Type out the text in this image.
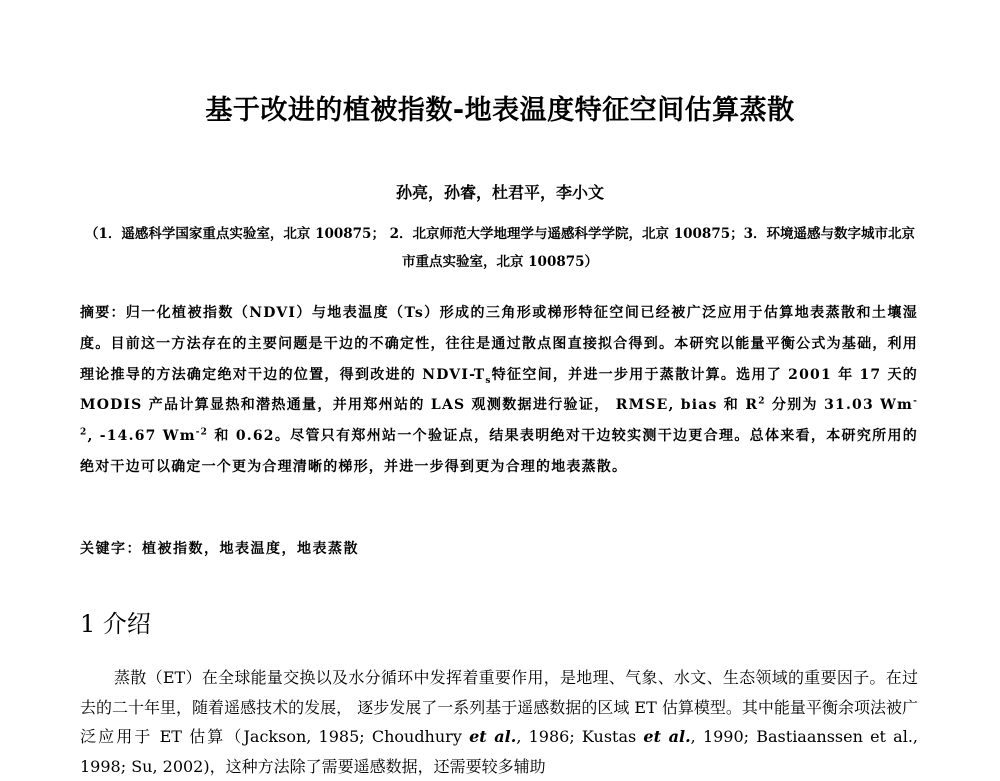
基于改进的植被指数-地表温度特征空间估算蒸散
孙亮，孙睿，杜君平，李小文
（1．遥感科学国家重点实验室，北京 100875； 2．北京师范大学地理学与遥感科学学院，北京 100875；3．环境遥感与数字城市北京市重点实验室，北京 100875）
摘要：归一化植被指数（NDVI）与地表温度（Ts）形成的三角形或梯形特征空间已经被广泛应用于估算地表蒸散和土壤湿度。目前这一方法存在的主要问题是干边的不确定性，往往是通过散点图直接拟合得到。本研究以能量平衡公式为基础，利用理论推导的方法确定绝对干边的位置，得到改进的 NDVI-$T_s$特征空间，并进一步用于蒸散计算。选用了 2001 年 17 天的 MODIS 产品计算显热和潜热通量，并用郑州站的 LAS 观测数据进行验证， RMSE, bias 和 $R^2$ 分别为 31.03 $Wm^{-2}$, -14.67 $Wm^{-2}$ 和 0.62。尽管只有郑州站一个验证点，结果表明绝对干边较实测干边更合理。总体来看，本研究所用的绝对干边可以确定一个更为合理清晰的梯形，并进一步得到更为合理的地表蒸散。
关键字：植被指数，地表温度，地表蒸散
1 介绍
蒸散（ET）在全球能量交换以及水分循环中发挥着重要作用，是地理、气象、水文、生态领域的重要因子。在过去的二十年里，随着遥感技术的发展， 逐步发展了一系列基于遥感数据的区域 ET 估算模型。其中能量平衡余项法被广泛应用于 ET 估算（Jackson, 1985; Choudhury et al., 1986; Kustas et al., 1990; Bastiaanssen et al., 1998; Su, 2002)，这种方法除了需要遥感数据，还需要较多辅助
